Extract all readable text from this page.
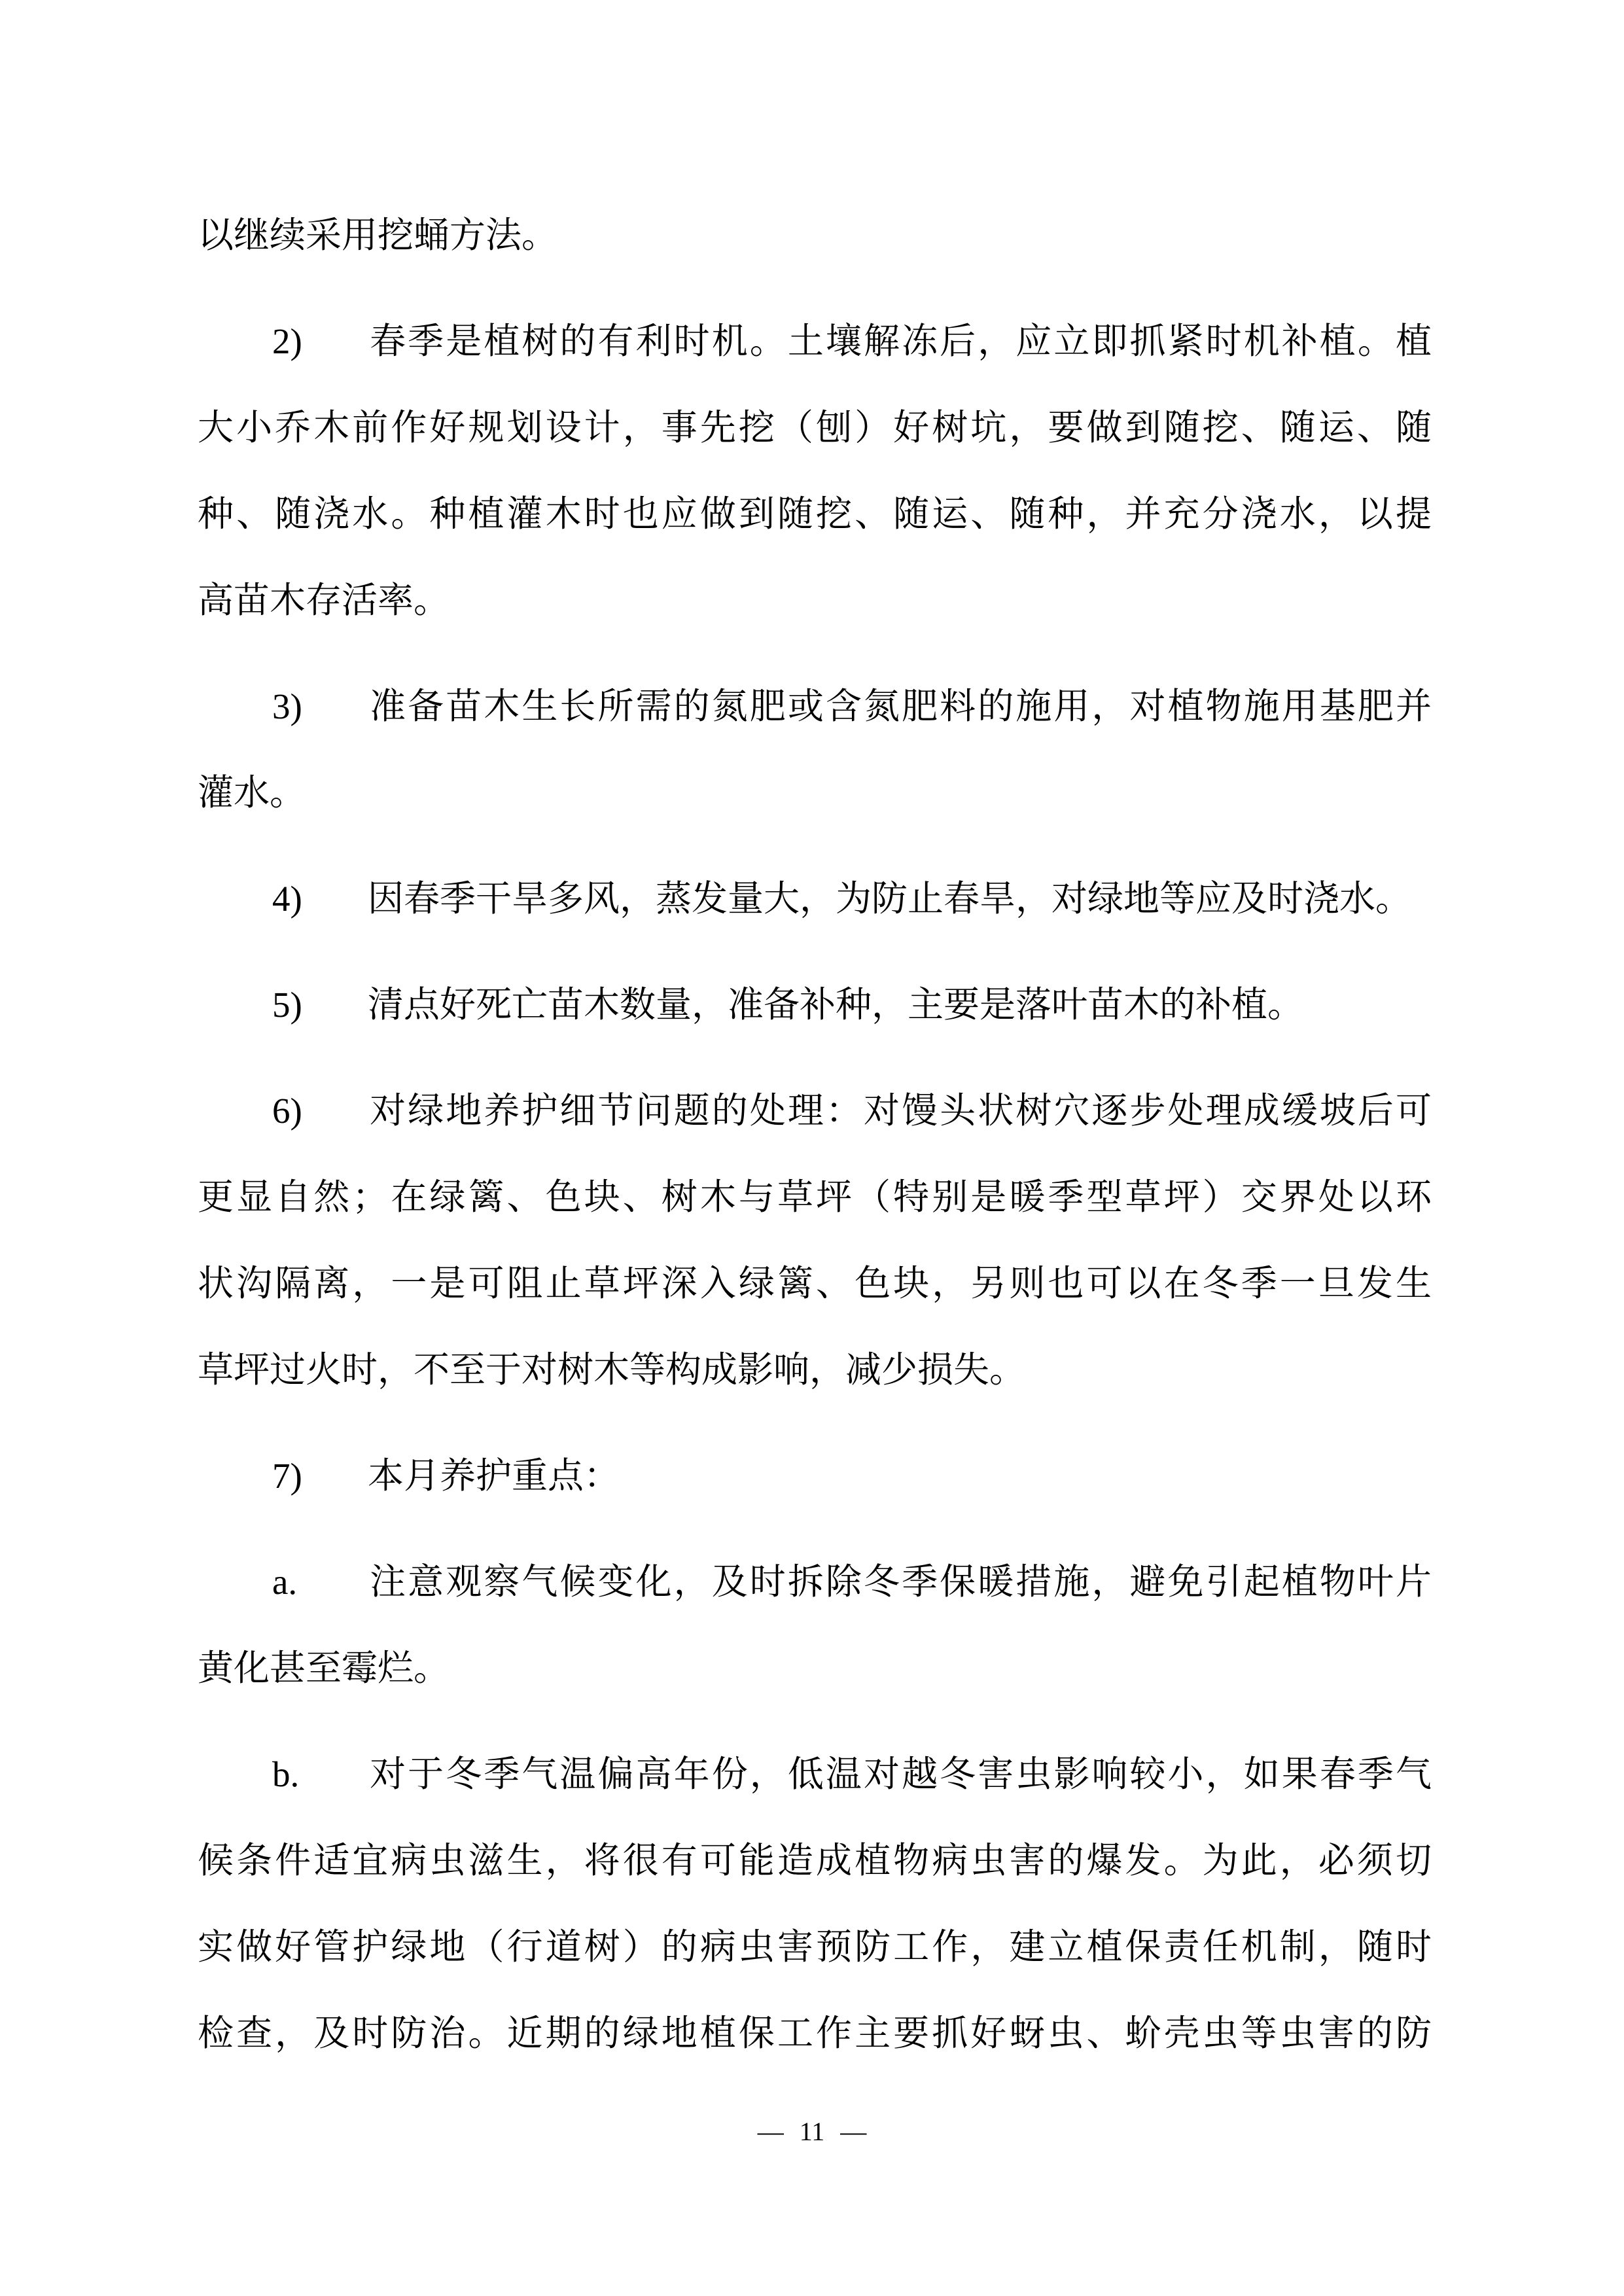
以继续采用挖蛹方法。
2) 春季是植树的有利时机。土壤解冻后，应立即抓紧时机补植。植
大小乔木前作好规划设计，事先挖（刨）好树坑，要做到随挖、随运、随
种、随浇水。种植灌木时也应做到随挖、随运、随种，并充分浇水，以提
高苗木存活率。
3) 准备苗木生长所需的氮肥或含氮肥料的施用，对植物施用基肥并
灌水。
4) 因春季干旱多风，蒸发量大，为防止春旱，对绿地等应及时浇水。
5) 清点好死亡苗木数量，准备补种，主要是落叶苗木的补植。
6) 对绿地养护细节问题的处理：对馒头状树穴逐步处理成缓坡后可
更显自然；在绿篱、色块、树木与草坪（特别是暖季型草坪）交界处以环
状沟隔离，一是可阻止草坪深入绿篱、色块，另则也可以在冬季一旦发生
草坪过火时，不至于对树木等构成影响，减少损失。
7) 本月养护重点：
a. 注意观察气候变化，及时拆除冬季保暖措施，避免引起植物叶片
黄化甚至霉烂。
b. 对于冬季气温偏高年份，低温对越冬害虫影响较小，如果春季气
候条件适宜病虫滋生，将很有可能造成植物病虫害的爆发。为此，必须切
实做好管护绿地（行道树）的病虫害预防工作，建立植保责任机制，随时
检查，及时防治。近期的绿地植保工作主要抓好蚜虫、蚧壳虫等虫害的防
— 11 —
